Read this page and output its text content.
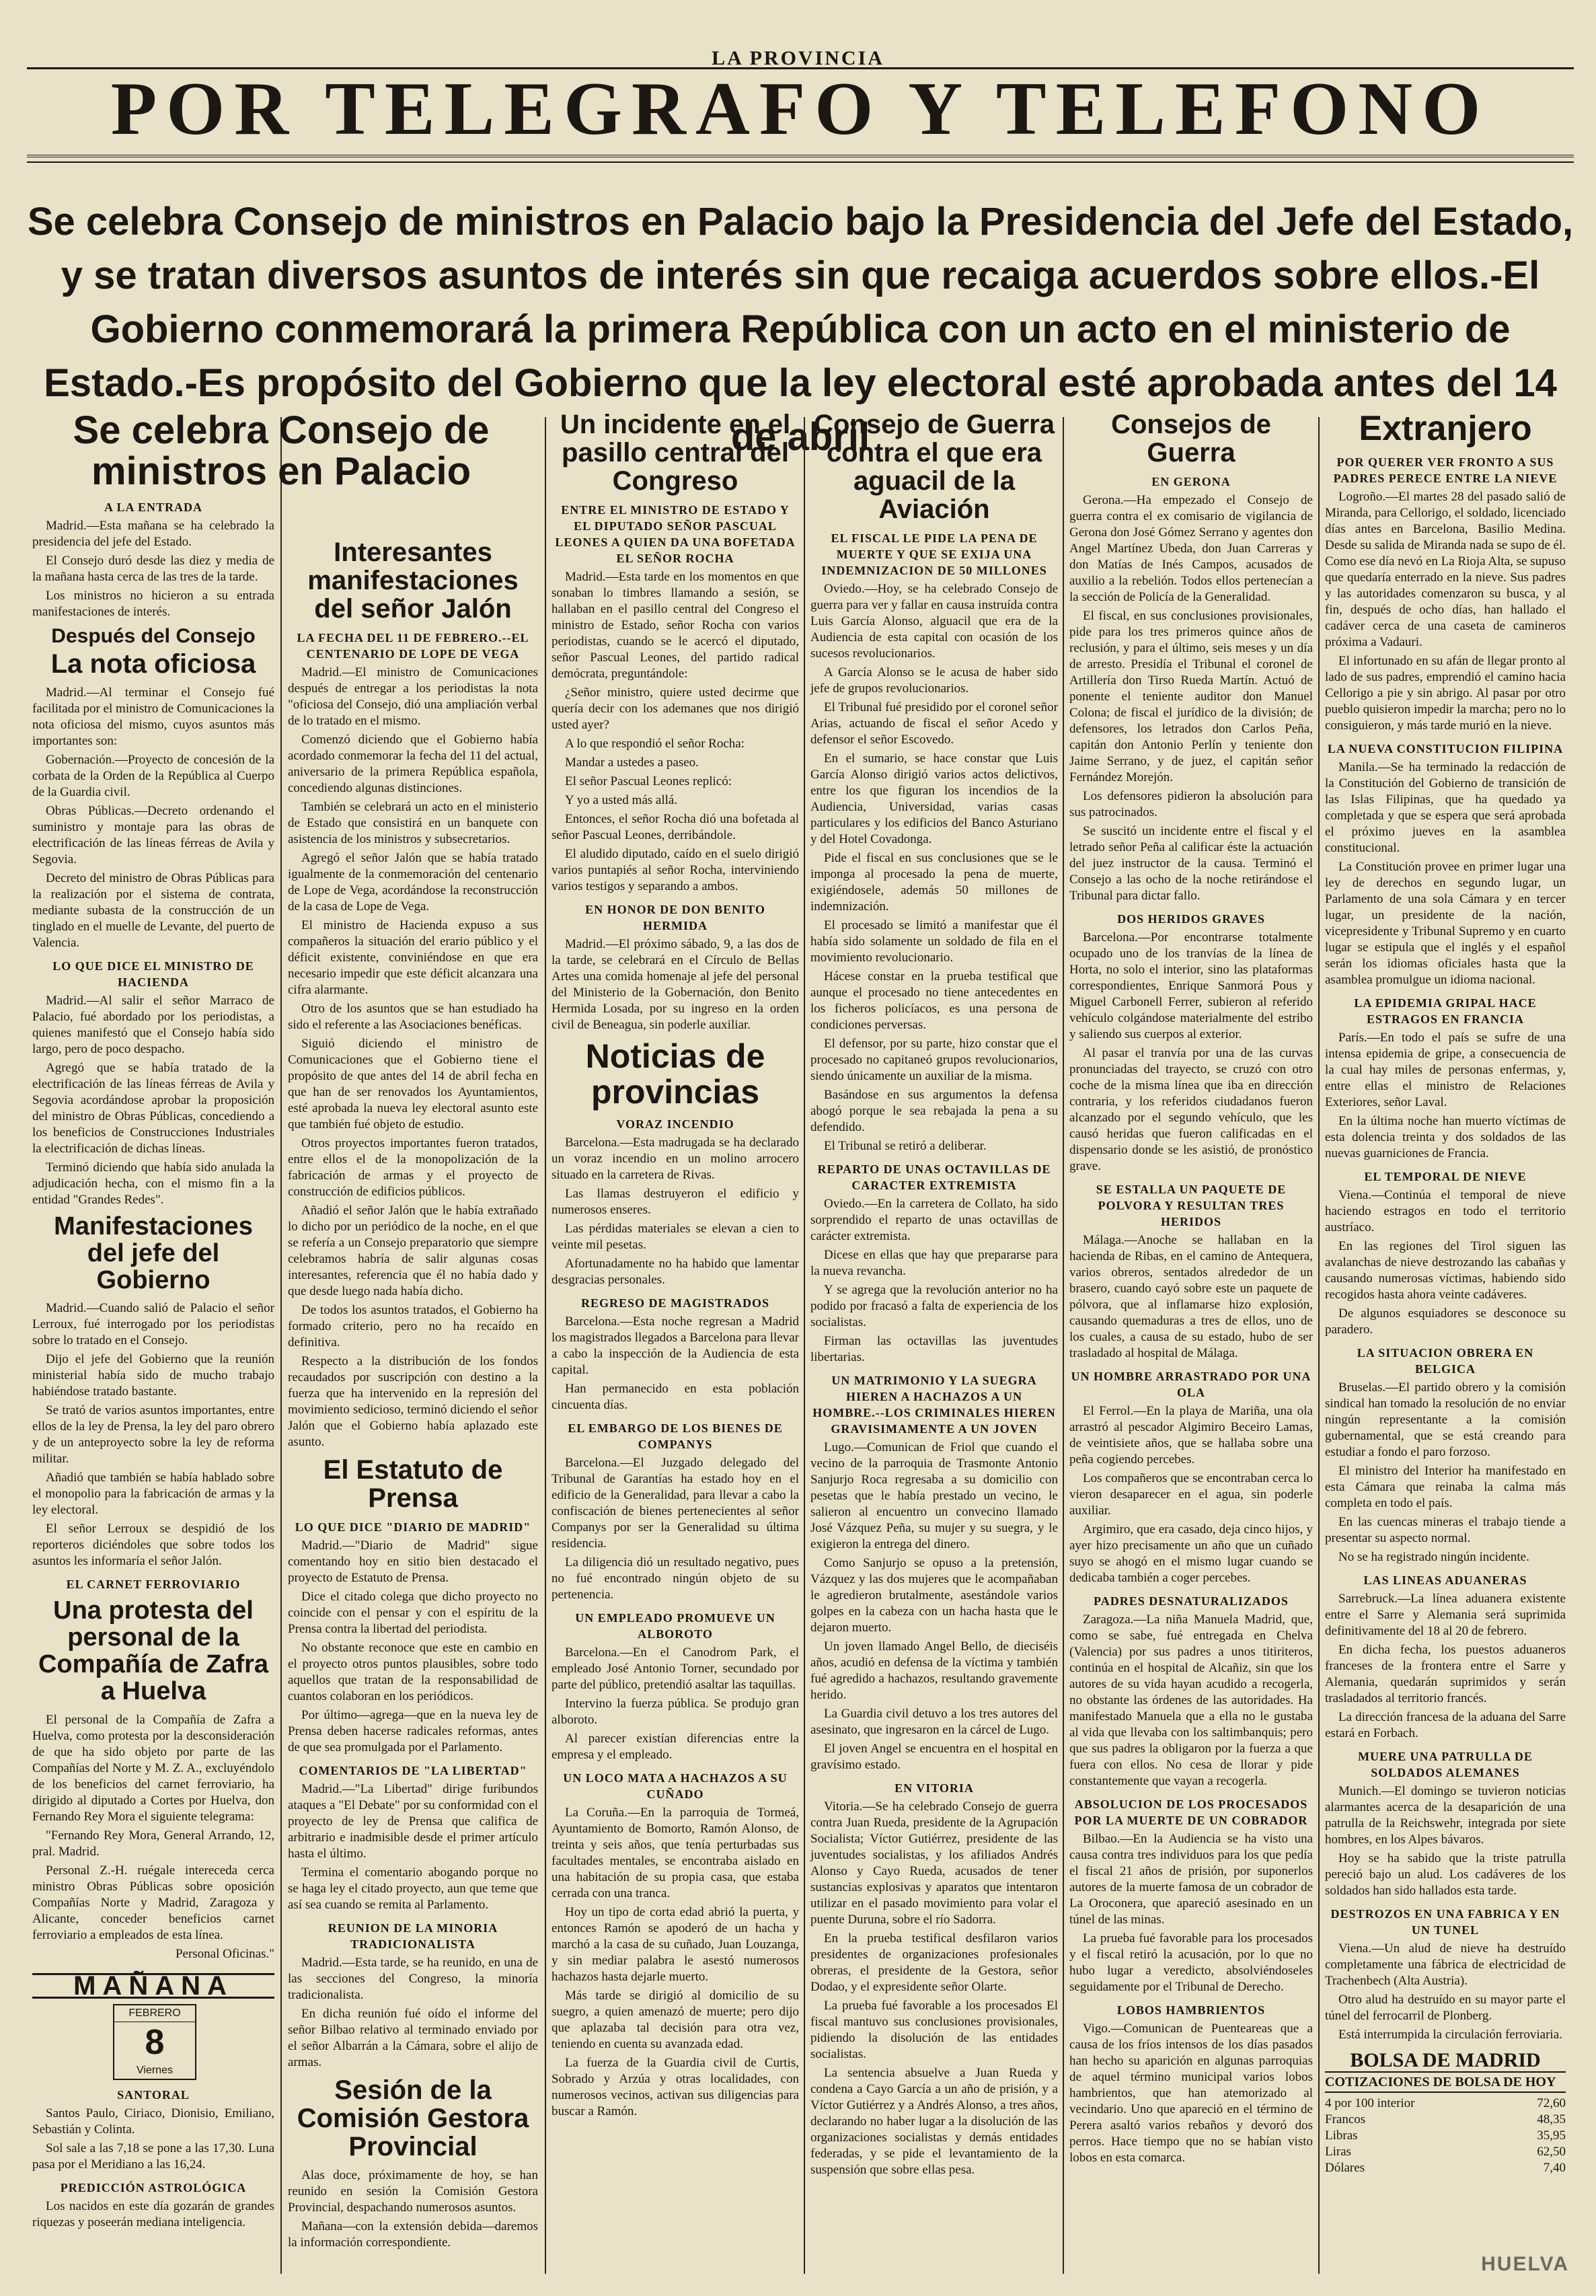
LA PROVINCIA
POR TELEGRAFO Y TELEFONO
Se celebra Consejo de ministros en Palacio bajo la Presidencia del Jefe del Estado, y se tratan diversos asuntos de interés sin que recaiga acuerdos sobre ellos.-El Gobierno conmemorará la primera República con un acto en el ministerio de Estado.-Es propósito del Gobierno que la ley electoral esté aprobada antes del 14 de abril
Se celebra Consejo de ministros en Palacio
A LA ENTRADA

Madrid.—Esta mañana se ha celebrado la presidencia del jefe del Estado.

El Consejo duró desde las diez y media de la mañana hasta cerca de las tres de la tarde.

Los ministros no hicieron a su entrada manifestaciones de interés.

Después del Consejo
La nota oficiosa

Madrid.—Al terminar el Consejo fué facilitada por el ministro de Comunicaciones la nota oficiosa del mismo, cuyos asuntos más importantes son:

Gobernación.—Proyecto de concesión de la corbata de la Orden de la República al Cuerpo de la Guardia civil.

Obras Públicas.—Decreto ordenando el suministro y montaje para las obras de electrificación de las líneas férreas de Avila y Segovia.

Decreto del ministro de Obras Públicas para la realización por el sistema de contrata, mediante subasta de la construcción de un tinglado en el muelle de Levante, del puerto de Valencia.

LO QUE DICE EL MINISTRO DE HACIENDA

Madrid.—Al salir el señor Marraco de Palacio, fué abordado por los periodistas, a quienes manifestó que el Consejo había sido largo, pero de poco despacho.

Agregó que se había tratado de la electrificación de las líneas férreas de Avila y Segovia acordándose aprobar la proposición del ministro de Obras Públicas, concediendo a los beneficios de Construcciones Industriales la electrificación de dichas líneas.

Terminó diciendo que había sido anulada la adjudicación hecha, con el mismo fin a la entidad "Grandes Redes".

Manifestaciones del jefe del Gobierno

Madrid.—Cuando salió de Palacio el señor Lerroux, fué interrogado por los periodistas sobre lo tratado en el Consejo.

Dijo el jefe del Gobierno que la reunión ministerial había sido de mucho trabajo habiéndose tratado bastante.

Se trató de varios asuntos importantes, entre ellos de la ley de Prensa, la ley del paro obrero y de un anteproyecto sobre la ley de reforma militar.

Añadió que también se había hablado sobre el monopolio para la fabricación de armas y la ley electoral.

El señor Lerroux se despidió de los reporteros diciéndoles que sobre todos los asuntos les informaría el señor Jalón.

EL CARNET FERROVIARIO
Una protesta del personal de la Compañía de Zafra a Huelva

El personal de la Compañía de Zafra a Huelva, como protesta por la desconsideración de que ha sido objeto por parte de las Compañías del Norte y M. Z. A., excluyéndolo de los beneficios del carnet ferroviario, ha dirigido al diputado a Cortes por Huelva, don Fernando Rey Mora el siguiente telegrama:

"Fernando Rey Mora, General Arrando, 12, pral. Madrid.

Personal Z.-H. ruégale intereceda cerca ministro Obras Públicas sobre oposición Compañías Norte y Madrid, Zaragoza y Alicante, conceder beneficios carnet ferroviario a empleados de esta línea.

Personal Oficinas."

MAÑANA
FEBRERO
8
Viernes
SANTORAL

Santos Paulo, Ciriaco, Dionisio, Emiliano, Sebastián y Colinta.

Sol sale a las 7,18 se pone a las 17,30. Luna pasa por el Meridiano a las 16,24.

PREDICCIÓN ASTROLÓGICA

Los nacidos en este día gozarán de grandes riquezas y poseerán mediana inteligencia.

Interesantes manifestaciones del señor Jalón
LA FECHA DEL 11 DE FEBRERO.--EL CENTENARIO DE LOPE DE VEGA

Madrid.—El ministro de Comunicaciones después de entregar a los periodistas la nota "oficiosa del Consejo, dió una ampliación verbal de lo tratado en el mismo.

Comenzó diciendo que el Gobierno había acordado conmemorar la fecha del 11 del actual, aniversario de la primera República española, concediendo algunas distinciones.

También se celebrará un acto en el ministerio de Estado que consistirá en un banquete con asistencia de los ministros y subsecretarios.

Agregó el señor Jalón que se había tratado igualmente de la conmemoración del centenario de Lope de Vega, acordándose la reconstrucción de la casa de Lope de Vega.

El ministro de Hacienda expuso a sus compañeros la situación del erario público y el déficit existente, conviniéndose en que era necesario impedir que este déficit alcanzara una cifra alarmante.

Otro de los asuntos que se han estudiado ha sido el referente a las Asociaciones benéficas.

Siguió diciendo el ministro de Comunicaciones que el Gobierno tiene el propósito de que antes del 14 de abril fecha en que han de ser renovados los Ayuntamientos, esté aprobada la nueva ley electoral asunto este que también fué objeto de estudio.

Otros proyectos importantes fueron tratados, entre ellos el de la monopolización de la fabricación de armas y el proyecto de construcción de edificios públicos.

Añadió el señor Jalón que le había extrañado lo dicho por un periódico de la noche, en el que se refería a un Consejo preparatorio que siempre celebramos habría de salir algunas cosas interesantes, referencia que él no había dado y que desde luego nada había dicho.

De todos los asuntos tratados, el Gobierno ha formado criterio, pero no ha recaído en definitiva.

Respecto a la distribución de los fondos recaudados por suscripción con destino a la fuerza que ha intervenido en la represión del movimiento sedicioso, terminó diciendo el señor Jalón que el Gobierno había aplazado este asunto.

El Estatuto de Prensa
LO QUE DICE "DIARIO DE MADRID"

Madrid.—"Diario de Madrid" sigue comentando hoy en sitio bien destacado el proyecto de Estatuto de Prensa.

Dice el citado colega que dicho proyecto no coincide con el pensar y con el espíritu de la Prensa contra la libertad del periodista.

No obstante reconoce que este en cambio en el proyecto otros puntos plausibles, sobre todo aquellos que tratan de la responsabilidad de cuantos colaboran en los periódicos.

Por último—agrega—que en la nueva ley de Prensa deben hacerse radicales reformas, antes de que sea promulgada por el Parlamento.

COMENTARIOS DE "LA LIBERTAD"

Madrid.—"La Libertad" dirige furibundos ataques a "El Debate" por su conformidad con el proyecto de ley de Prensa que califica de arbitrario e inadmisible desde el primer artículo hasta el último.

Termina el comentario abogando porque no se haga ley el citado proyecto, aun que teme que así sea cuando se remita al Parlamento.

REUNION DE LA MINORIA TRADICIONALISTA

Madrid.—Esta tarde, se ha reunido, en una de las secciones del Congreso, la minoría tradicionalista.

En dicha reunión fué oído el informe del señor Bilbao relativo al terminado enviado por el señor Albarrán a la Cámara, sobre el alijo de armas.

Sesión de la Comisión Gestora Provincial

Alas doce, próximamente de hoy, se han reunido en sesión la Comisión Gestora Provincial, despachando numerosos asuntos.

Mañana—con la extensión debida—daremos la información correspondiente.

Un incidente en el pasillo central del Congreso
ENTRE EL MINISTRO DE ESTADO Y EL DIPUTADO SEÑOR PASCUAL LEONES A QUIEN DA UNA BOFETADA EL SEÑOR ROCHA

Madrid.—Esta tarde en los momentos en que sonaban lo timbres llamando a sesión, se hallaban en el pasillo central del Congreso el ministro de Estado, señor Rocha con varios periodistas, cuando se le acercó el diputado, señor Pascual Leones, del partido radical demócrata, preguntándole:

¿Señor ministro, quiere usted decirme que quería decir con los ademanes que nos dirigió usted ayer?

A lo que respondió el señor Rocha:

Mandar a ustedes a paseo.

El señor Pascual Leones replicó:

Y yo a usted más allá.

Entonces, el señor Rocha dió una bofetada al señor Pascual Leones, derribándole.

El aludido diputado, caído en el suelo dirigió varios puntapiés al señor Rocha, interviniendo varios testigos y separando a ambos.

EN HONOR DE DON BENITO HERMIDA

Madrid.—El próximo sábado, 9, a las dos de la tarde, se celebrará en el Círculo de Bellas Artes una comida homenaje al jefe del personal del Ministerio de la Gobernación, don Benito Hermida Losada, por su ingreso en la orden civil de Beneagua, sin poderle auxiliar.

Noticias de provincias
VORAZ INCENDIO

Barcelona.—Esta madrugada se ha declarado un voraz incendio en un molino arrocero situado en la carretera de Rivas.

Las llamas destruyeron el edificio y numerosos enseres.

Las pérdidas materiales se elevan a cien to veinte mil pesetas.

Afortunadamente no ha habido que lamentar desgracias personales.

REGRESO DE MAGISTRADOS

Barcelona.—Esta noche regresan a Madrid los magistrados llegados a Barcelona para llevar a cabo la inspección de la Audiencia de esta capital.

Han permanecido en esta población cincuenta días.

EL EMBARGO DE LOS BIENES DE COMPANYS

Barcelona.—El Juzgado delegado del Tribunal de Garantías ha estado hoy en el edificio de la Generalidad, para llevar a cabo la confiscación de bienes pertenecientes al señor Companys por ser la Generalidad su última residencia.

La diligencia dió un resultado negativo, pues no fué encontrado ningún objeto de su pertenencia.

UN EMPLEADO PROMUEVE UN ALBOROTO

Barcelona.—En el Canodrom Park, el empleado José Antonio Torner, secundado por parte del público, pretendió asaltar las taquillas.

Intervino la fuerza pública. Se produjo gran alboroto.

Al parecer existían diferencias entre la empresa y el empleado.

UN LOCO MATA A HACHAZOS A SU CUÑADO

La Coruña.—En la parroquia de Tormeá, Ayuntamiento de Bomorto, Ramón Alonso, de treinta y seis años, que tenía perturbadas sus facultades mentales, se encontraba aislado en una habitación de su propia casa, que estaba cerrada con una tranca.

Hoy un tipo de corta edad abrió la puerta, y entonces Ramón se apoderó de un hacha y marchó a la casa de su cuñado, Juan Louzanga, y sin mediar palabra le asestó numerosos hachazos hasta dejarle muerto.

Más tarde se dirigió al domicilio de su suegro, a quien amenazó de muerte; pero dijo que aplazaba tal decisión para otra vez, teniendo en cuenta su avanzada edad.

La fuerza de la Guardia civil de Curtis, Sobrado y Arzúa y otras localidades, con numerosos vecinos, activan sus diligencias para buscar a Ramón.

Consejo de Guerra contra el que era aguacil de la Aviación
EL FISCAL LE PIDE LA PENA DE MUERTE Y QUE SE EXIJA UNA INDEMNIZACION DE 50 MILLONES

Oviedo.—Hoy, se ha celebrado Consejo de guerra para ver y fallar en causa instruída contra Luis García Alonso, alguacil que era de la Audiencia de esta capital con ocasión de los sucesos revolucionarios.

A García Alonso se le acusa de haber sido jefe de grupos revolucionarios.

El Tribunal fué presidido por el coronel señor Arias, actuando de fiscal el señor Acedo y defensor el señor Escovedo.

En el sumario, se hace constar que Luis García Alonso dirigió varios actos delictivos, entre los que figuran los incendios de la Audiencia, Universidad, varias casas particulares y los edificios del Banco Asturiano y del Hotel Covadonga.

Pide el fiscal en sus conclusiones que se le imponga al procesado la pena de muerte, exigiéndosele, además 50 millones de indemnización.

El procesado se limitó a manifestar que él había sido solamente un soldado de fila en el movimiento revolucionario.

Hácese constar en la prueba testifical que aunque el procesado no tiene antecedentes en los ficheros policíacos, es una persona de condiciones perversas.

El defensor, por su parte, hizo constar que el procesado no capitaneó grupos revolucionarios, siendo únicamente un auxiliar de la misma.

Basándose en sus argumentos la defensa abogó porque le sea rebajada la pena a su defendido.

El Tribunal se retiró a deliberar.

REPARTO DE UNAS OCTAVILLAS DE CARACTER EXTREMISTA

Oviedo.—En la carretera de Collato, ha sido sorprendido el reparto de unas octavillas de carácter extremista.

Dicese en ellas que hay que prepararse para la nueva revancha.

Y se agrega que la revolución anterior no ha podido por fracasó a falta de experiencia de los socialistas.

Firman las octavillas las juventudes libertarias.

UN MATRIMONIO Y LA SUEGRA HIEREN A HACHAZOS A UN HOMBRE.--LOS CRIMINALES HIEREN GRAVISIMAMENTE A UN JOVEN

Lugo.—Comunican de Friol que cuando el vecino de la parroquia de Trasmonte Antonio Sanjurjo Roca regresaba a su domicilio con pesetas que le había prestado un vecino, le salieron al encuentro un convecino llamado José Vázquez Peña, su mujer y su suegra, y le exigieron la entrega del dinero.

Como Sanjurjo se opuso a la pretensión, Vázquez y las dos mujeres que le acompañaban le agredieron brutalmente, asestándole varios golpes en la cabeza con un hacha hasta que le dejaron muerto.

Un joven llamado Angel Bello, de dieciséis años, acudió en defensa de la víctima y también fué agredido a hachazos, resultando gravemente herido.

La Guardia civil detuvo a los tres autores del asesinato, que ingresaron en la cárcel de Lugo.

El joven Angel se encuentra en el hospital en gravísimo estado.

EN VITORIA

Vitoria.—Se ha celebrado Consejo de guerra contra Juan Rueda, presidente de la Agrupación Socialista; Víctor Gutiérrez, presidente de las juventudes socialistas, y los afiliados Andrés Alonso y Cayo Rueda, acusados de tener sustancias explosivas y aparatos que intentaron utilizar en el pasado movimiento para volar el puente Duruna, sobre el río Sadorra.

En la prueba testifical desfilaron varios presidentes de organizaciones profesionales obreras, el presidente de la Gestora, señor Dodao, y el expresidente señor Olarte.

La prueba fué favorable a los procesados El fiscal mantuvo sus conclusiones provisionales, pidiendo la disolución de las entidades socialistas.

La sentencia absuelve a Juan Rueda y condena a Cayo García a un año de prisión, y a Víctor Gutiérrez y a Andrés Alonso, a tres años, declarando no haber lugar a la disolución de las organizaciones socialistas y demás entidades federadas, y se pide el levantamiento de la suspensión que sobre ellas pesa.

Consejos de Guerra
EN GERONA

Gerona.—Ha empezado el Consejo de guerra contra el ex comisario de vigilancia de Gerona don José Gómez Serrano y agentes don Angel Martínez Ubeda, don Juan Carreras y don Matías de Inés Campos, acusados de auxilio a la rebelión. Todos ellos pertenecían a la sección de Policía de la Generalidad.

El fiscal, en sus conclusiones provisionales, pide para los tres primeros quince años de reclusión, y para el último, seis meses y un día de arresto. Presidía el Tribunal el coronel de Artillería don Tirso Rueda Martín. Actuó de ponente el teniente auditor don Manuel Colona; de fiscal el jurídico de la división; de defensores, los letrados don Carlos Peña, capitán don Antonio Perlín y teniente don Jaime Serrano, y de juez, el capitán señor Fernández Morejón.

Los defensores pidieron la absolución para sus patrocinados.

Se suscitó un incidente entre el fiscal y el letrado señor Peña al calificar éste la actuación del juez instructor de la causa. Terminó el Consejo a las ocho de la noche retirándose el Tribunal para dictar fallo.

DOS HERIDOS GRAVES

Barcelona.—Por encontrarse totalmente ocupado uno de los tranvías de la línea de Horta, no solo el interior, sino las plataformas correspondientes, Enrique Sanmorá Pous y Miguel Carbonell Ferrer, subieron al referido vehículo colgándose materialmente del estribo y saliendo sus cuerpos al exterior.

Al pasar el tranvía por una de las curvas pronunciadas del trayecto, se cruzó con otro coche de la misma línea que iba en dirección contraria, y los referidos ciudadanos fueron alcanzado por el segundo vehículo, que les causó heridas que fueron calificadas en el dispensario donde se les asistió, de pronóstico grave.

SE ESTALLA UN PAQUETE DE POLVORA Y RESULTAN TRES HERIDOS

Málaga.—Anoche se hallaban en la hacienda de Ribas, en el camino de Antequera, varios obreros, sentados alrededor de un brasero, cuando cayó sobre este un paquete de pólvora, que al inflamarse hizo explosión, causando quemaduras a tres de ellos, uno de los cuales, a causa de su estado, hubo de ser trasladado al hospital de Málaga.

UN HOMBRE ARRASTRADO POR UNA OLA

El Ferrol.—En la playa de Mariña, una ola arrastró al pescador Algimiro Beceiro Lamas, de veintisiete años, que se hallaba sobre una peña cogiendo percebes.

Los compañeros que se encontraban cerca lo vieron desaparecer en el agua, sin poderle auxiliar.

Argimiro, que era casado, deja cinco hijos, y ayer hizo precisamente un año que un cuñado suyo se ahogó en el mismo lugar cuando se dedicaba también a coger percebes.

PADRES DESNATURALIZADOS

Zaragoza.—La niña Manuela Madrid, que, como se sabe, fué entregada en Chelva (Valencia) por sus padres a unos titiriteros, continúa en el hospital de Alcañiz, sin que los autores de su vida hayan acudido a recogerla, no obstante las órdenes de las autoridades. Ha manifestado Manuela que a ella no le gustaba al vida que llevaba con los saltimbanquis; pero que sus padres la obligaron por la fuerza a que fuera con ellos. No cesa de llorar y pide constantemente que vayan a recogerla.

ABSOLUCION DE LOS PROCESADOS POR LA MUERTE DE UN COBRADOR

Bilbao.—En la Audiencia se ha visto una causa contra tres individuos para los que pedía el fiscal 21 años de prisión, por suponerlos autores de la muerte famosa de un cobrador de La Oroconera, que apareció asesinado en un túnel de las minas.

La prueba fué favorable para los procesados y el fiscal retiró la acusación, por lo que no hubo lugar a veredicto, absolviéndoseles seguidamente por el Tribunal de Derecho.

LOBOS HAMBRIENTOS

Vigo.—Comunican de Puenteareas que a causa de los fríos intensos de los días pasados han hecho su aparición en algunas parroquias de aquel término municipal varios lobos hambrientos, que han atemorizado al vecindario. Uno que apareció en el término de Perera asaltó varios rebaños y devoró dos perros. Hace tiempo que no se habían visto lobos en esta comarca.

Extranjero
POR QUERER VER FRONTO A SUS PADRES PERECE ENTRE LA NIEVE

Logroño.—El martes 28 del pasado salió de Miranda, para Cellorigo, el soldado, licenciado días antes en Barcelona, Basilio Medina. Desde su salida de Miranda nada se supo de él. Como ese día nevó en La Rioja Alta, se supuso que quedaría enterrado en la nieve. Sus padres y las autoridades comenzaron su busca, y al fin, después de ocho días, han hallado el cadáver cerca de una caseta de camineros próxima a Vadauri.

El infortunado en su afán de llegar pronto al lado de sus padres, emprendió el camino hacia Cellorigo a pie y sin abrigo. Al pasar por otro pueblo quisieron impedir la marcha; pero no lo consiguieron, y más tarde murió en la nieve.

LA NUEVA CONSTITUCION FILIPINA

Manila.—Se ha terminado la redacción de la Constitución del Gobierno de transición de las Islas Filipinas, que ha quedado ya completada y que se espera que será aprobada el próximo jueves en la asamblea constitucional.

La Constitución provee en primer lugar una ley de derechos en segundo lugar, un Parlamento de una sola Cámara y en tercer lugar, un presidente de la nación, vicepresidente y Tribunal Supremo y en cuarto lugar se estipula que el inglés y el español serán los idiomas oficiales hasta que la asamblea promulgue un idioma nacional.

LA EPIDEMIA GRIPAL HACE ESTRAGOS EN FRANCIA

París.—En todo el país se sufre de una intensa epidemia de gripe, a consecuencia de la cual hay miles de personas enfermas, y, entre ellas el ministro de Relaciones Exteriores, señor Laval.

En la última noche han muerto víctimas de esta dolencia treinta y dos soldados de las nuevas guarniciones de Francia.

EL TEMPORAL DE NIEVE

Viena.—Continúa el temporal de nieve haciendo estragos en todo el territorio austríaco.

En las regiones del Tirol siguen las avalanchas de nieve destrozando las cabañas y causando numerosas víctimas, habiendo sido recogidos hasta ahora veinte cadáveres.

De algunos esquiadores se desconoce su paradero.

LA SITUACION OBRERA EN BELGICA

Bruselas.—El partido obrero y la comisión sindical han tomado la resolución de no enviar ningún representante a la comisión gubernamental, que se está creando para estudiar a fondo el paro forzoso.

El ministro del Interior ha manifestado en esta Cámara que reinaba la calma más completa en todo el país.

En las cuencas mineras el trabajo tiende a presentar su aspecto normal.

No se ha registrado ningún incidente.

LAS LINEAS ADUANERAS

Sarrebruck.—La línea aduanera existente entre el Sarre y Alemania será suprimida definitivamente del 18 al 20 de febrero.

En dicha fecha, los puestos aduaneros franceses de la frontera entre el Sarre y Alemania, quedarán suprimidos y serán trasladados al territorio francés.

La dirección francesa de la aduana del Sarre estará en Forbach.

MUERE UNA PATRULLA DE SOLDADOS ALEMANES

Munich.—El domingo se tuvieron noticias alarmantes acerca de la desaparición de una patrulla de la Reichswehr, integrada por siete hombres, en los Alpes bávaros.

Hoy se ha sabido que la triste patrulla pereció bajo un alud. Los cadáveres de los soldados han sido hallados esta tarde.

DESTROZOS EN UNA FABRICA Y EN UN TUNEL

Viena.—Un alud de nieve ha destruído completamente una fábrica de electricidad de Trachenbech (Alta Austria).

Otro alud ha destruído en su mayor parte el túnel del ferrocarril de Plonberg.

Está interrumpida la circulación ferroviaria.

BOLSA DE MADRID
COTIZACIONES DE BOLSA DE HOY
4 por 100 interior	72,60
Francos	48,35
Libras	35,95
Liras	62,50
Dólares	7,40
HUELVA
